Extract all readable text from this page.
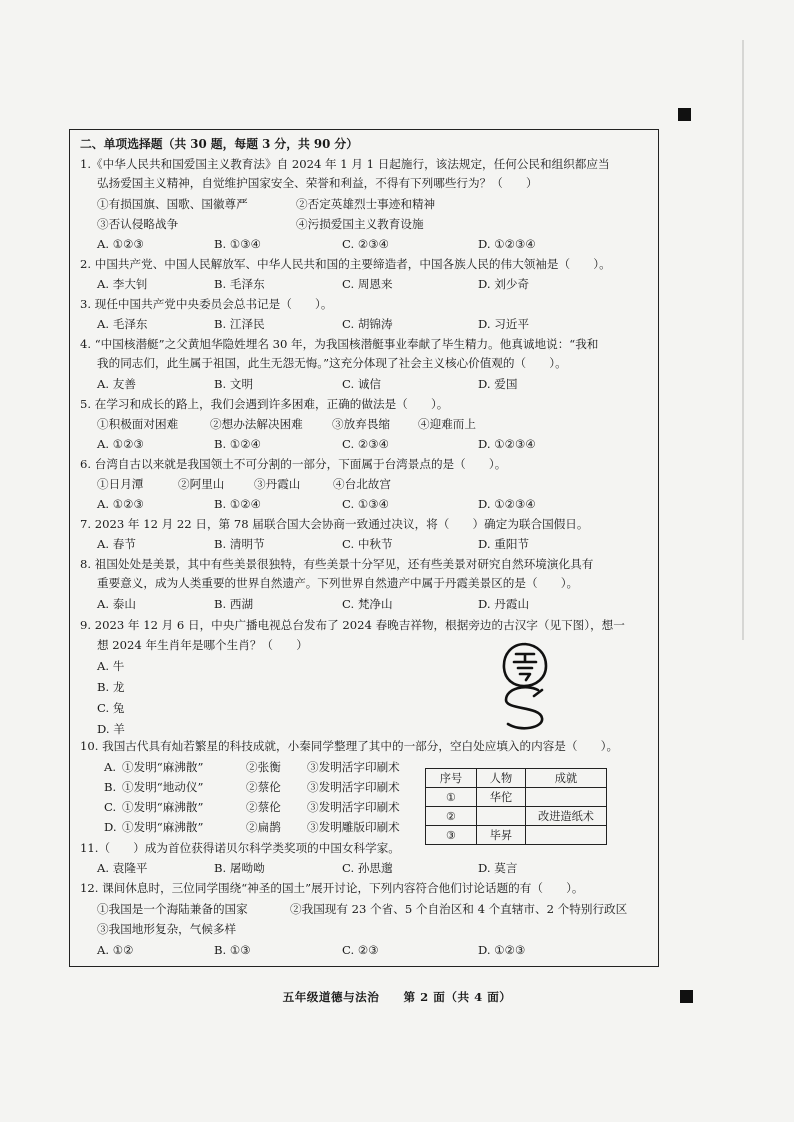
二、单项选择题（共 30 题，每题 3 分，共 90 分）
1.《中华人民共和国爱国主义教育法》自 2024 年 1 月 1 日起施行，该法规定，任何公民和组织都应当
弘扬爱国主义精神，自觉维护国家安全、荣誉和利益，不得有下列哪些行为？（　　）
①有损国旗、国歌、国徽尊严	②否定英雄烈士事迹和精神
③否认侵略战争	④污损爱国主义教育设施
A. ①②③	B. ①③④	C. ②③④	D. ①②③④
2. 中国共产党、中国人民解放军、中华人民共和国的主要缔造者，中国各族人民的伟大领袖是（　　）。
A. 李大钊	B. 毛泽东	C. 周恩来	D. 刘少奇
3. 现任中国共产党中央委员会总书记是（　　）。
A. 毛泽东	B. 江泽民	C. 胡锦涛	D. 习近平
4. “中国核潜艇”之父黄旭华隐姓埋名 30 年，为我国核潜艇事业奉献了毕生精力。他真诚地说：“我和
我的同志们，此生属于祖国，此生无怨无悔。”这充分体现了社会主义核心价值观的（　　）。
A. 友善	B. 文明	C. 诚信	D. 爱国
5. 在学习和成长的路上，我们会遇到许多困难，正确的做法是（　　）。
①积极面对困难	②想办法解决困难	③放弃畏缩 ④迎难而上
A. ①②③	B. ①②④	C. ②③④	D. ①②③④
6. 台湾自古以来就是我国领土不可分割的一部分，下面属于台湾景点的是（　　）。
①日月潭	②阿里山	③丹霞山	④台北故宫
A. ①②③	B. ①②④	C. ①③④	D. ①②③④
7. 2023 年 12 月 22 日，第 78 届联合国大会协商一致通过决议，将（　　）确定为联合国假日。
A. 春节	B. 清明节	C. 中秋节	D. 重阳节
8. 祖国处处是美景，其中有些美景很独特，有些美景十分罕见，还有些美景对研究自然环境演化具有
重要意义，成为人类重要的世界自然遗产。下列世界自然遗产中属于丹霞美景区的是（　　）。
A. 泰山	B. 西湖	C. 梵净山	D. 丹霞山
9. 2023 年 12 月 6 日，中央广播电视总台发布了 2024 春晚吉祥物，根据旁边的古汉字（见下图），想一
想 2024 年生肖年是哪个生肖？（　　）
A. 牛
B. 龙
C. 兔
D. 羊
10. 我国古代具有灿若繁星的科技成就，小秦同学整理了其中的一部分，空白处应填入的内容是（　　）。
A. ①发明“麻沸散”	②张衡 ③发明活字印刷术
B. ①发明“地动仪”	②蔡伦 ③发明活字印刷术
C. ①发明“麻沸散”	②蔡伦 ③发明活字印刷术
D. ①发明“麻沸散”	②扁鹊 ③发明雕版印刷术
序号	人物	成就
①	华佗	
②		改进造纸术
③	毕昇	
11.（　　）成为首位获得诺贝尔科学类奖项的中国女科学家。
A. 袁隆平	B. 屠呦呦	C. 孙思邈	D. 莫言
12. 课间休息时，三位同学围绕“神圣的国土”展开讨论，下列内容符合他们讨论话题的有（　　）。
①我国是一个海陆兼备的国家	②我国现有 23 个省、5 个自治区和 4 个直辖市、2 个特别行政区
③我国地形复杂，气候多样
A. ①②	B. ①③	C. ②③	D. ①②③
五年级道德与法治　　第 2 面（共 4 面）
